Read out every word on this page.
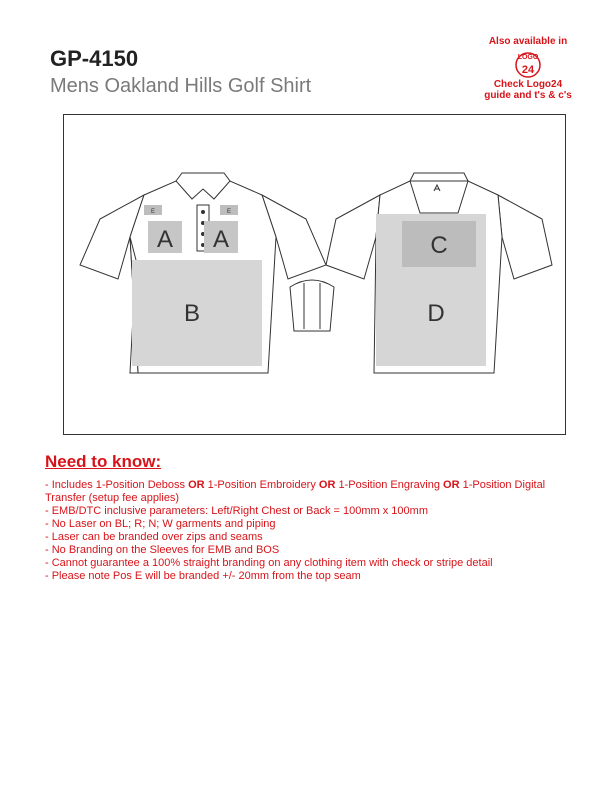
GP-4150
Mens Oakland Hills Golf Shirt
Also available in
LOGO
24
Check Logo24
guide and t's & c's
E	E
A A
B	D
C
Need to know:
- Includes 1-Position Deboss OR 1-Position Embroidery OR 1-Position Engraving OR 1-Position Digital Transfer (setup fee applies)
- EMB/DTC inclusive parameters: Left/Right Chest or Back = 100mm x 100mm
- No Laser on BL; R; N; W garments and piping
- Laser can be branded over zips and seams
- No Branding on the Sleeves for EMB and BOS
- Cannot guarantee a 100% straight branding on any clothing item with check or stripe detail
- Please note Pos E will be branded +/- 20mm from the top seam
